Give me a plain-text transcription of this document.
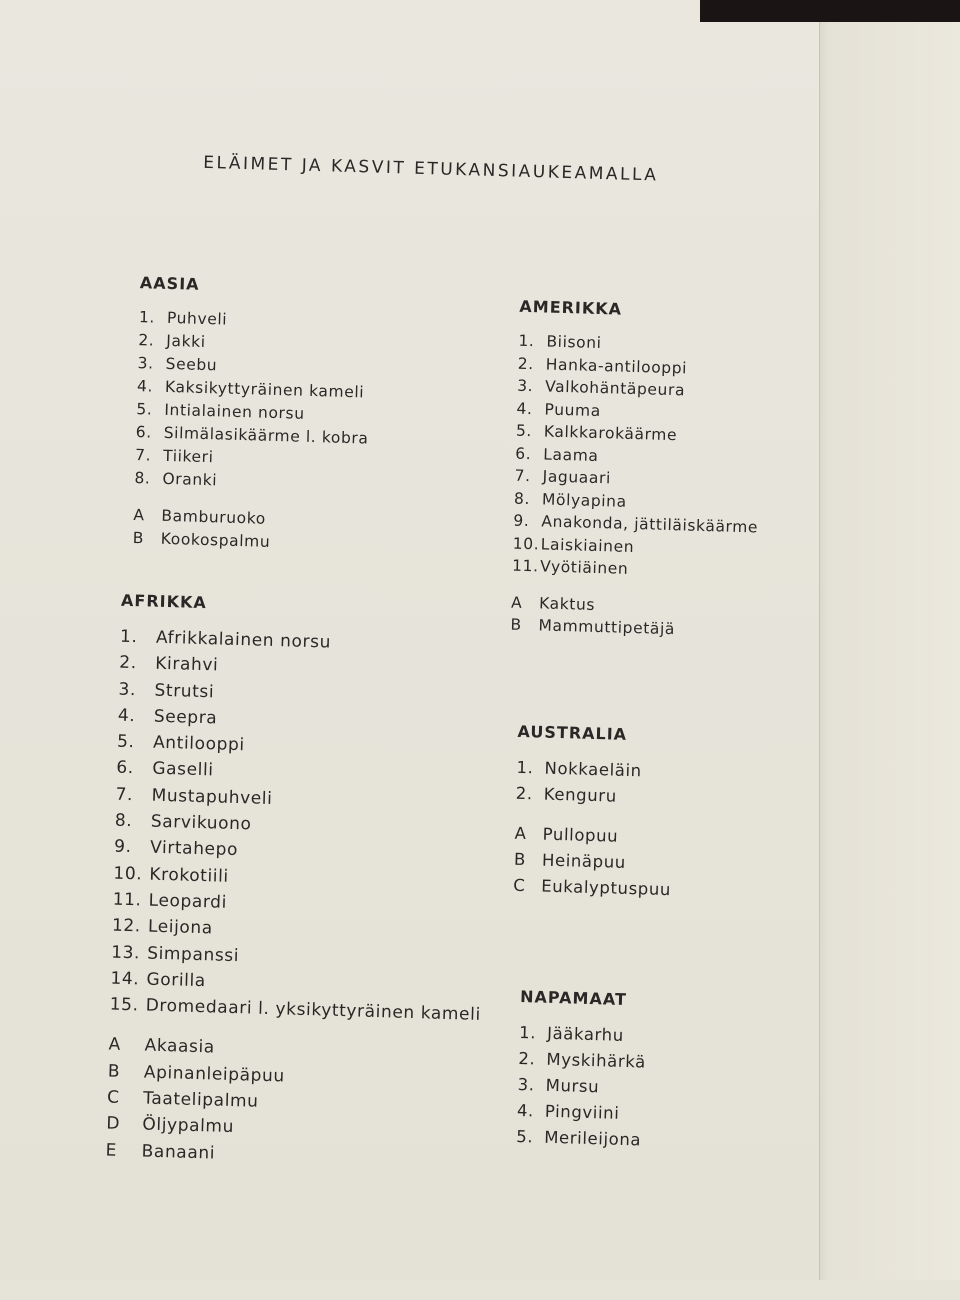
ELÄIMET JA KASVIT ETUKANSIAUKEAMALLA
AASIA
1. Puhveli
2. Jakki
3. Seebu
4. Kaksikyttyräinen kameli
5. Intialainen norsu
6. Silmälasikäärme l. kobra
7. Tiikeri
8. Oranki
A Bamburuoko
B Kookospalmu
AFRIKKA
1. Afrikkalainen norsu
2. Kirahvi
3. Strutsi
4. Seepra
5. Antilooppi
6. Gaselli
7. Mustapuhveli
8. Sarvikuono
9. Virtahepo
10. Krokotiili
11. Leopardi
12. Leijona
13. Simpanssi
14. Gorilla
15. Dromedaari l. yksikyttyräinen kameli
A Akaasia
B Apinanleipäpuu
C Taatelipalmu
D Öljypalmu
E Banaani
AMERIKKA
1. Biisoni
2. Hanka-antilooppi
3. Valkohäntäpeura
4. Puuma
5. Kalkkarokäärme
6. Laama
7. Jaguaari
8. Mölyapina
9. Anakonda, jättiläiskäärme
10.Laiskiainen
11.Vyötiäinen
A Kaktus
B Mammuttipetäjä
AUSTRALIA
1. Nokkaeläin
2. Kenguru
A Pullopuu
B Heinäpuu
C Eukalyptuspuu
NAPAMAAT
1. Jääkarhu
2. Myskihärkä
3. Mursu
4. Pingviini
5. Merileijona
